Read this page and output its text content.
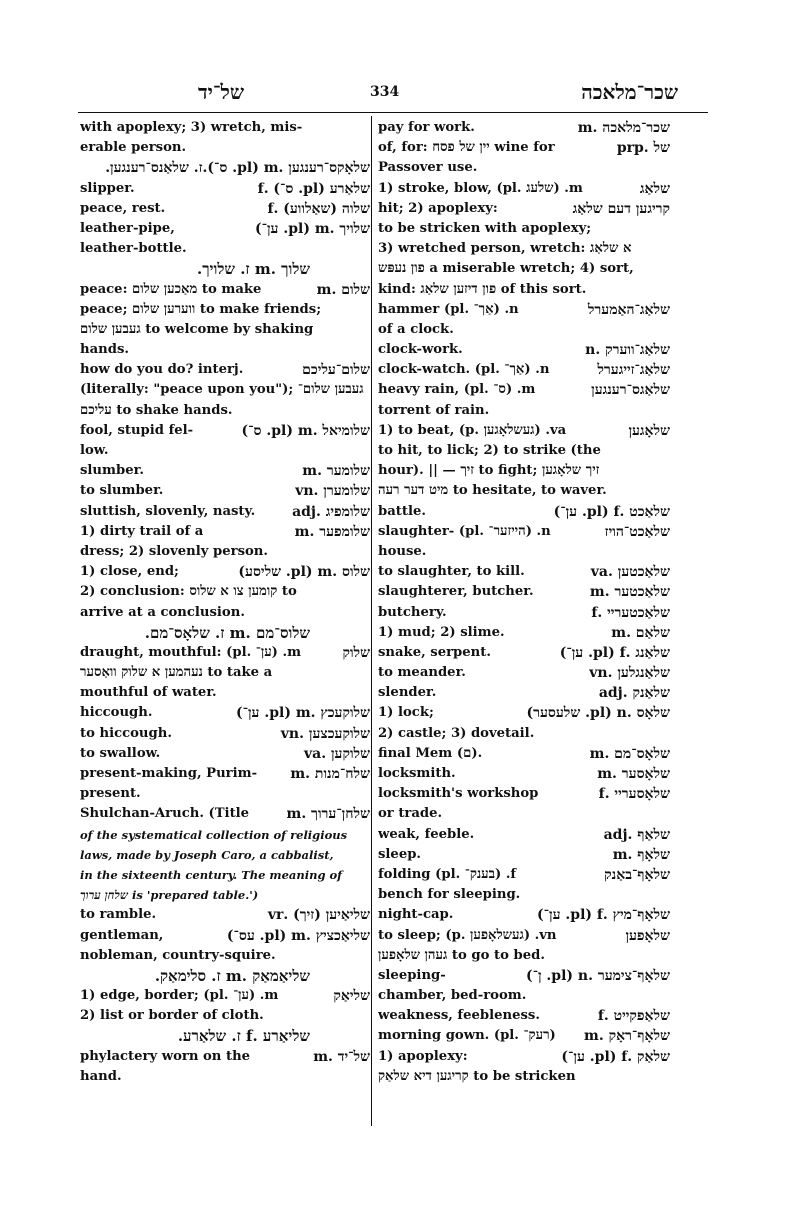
של־יד	334	שכר־מלאכה
with apoplexy; 3) wretch, mis-
erable person.
שלאָקס־רענגען .m (pl. ס־).ז. שלאַנס־רענגען.
slipper.	שלאַרע (pl. ס־) .f
peace, rest.	שלוה (שאַלווע) .f
leather-pipe,	שלויך .m (pl. ען־)
leather-bottle.
שלוך .m ז. שלויך.
peace: מאַכען שלום to make	שלום .m
peace; ווערען שלום to make friends;
געבען שלום to welcome by shaking
hands.
how do you do? interj.	שלום־עליכם
(literally: "peace upon you"); געבען שלום־
עליכם to shake hands.
fool, stupid fel-	שלומיאל .m (pl. ס־)
low.
slumber.	שלומער .m
to slumber.	שלומערן .vn
sluttish, slovenly, nasty.	שלומפיג .adj
1) dirty trail of a	שלומפער .m
dress; 2) slovenly person.
1) close, end;	שלוס .m (pl. שליסע)
2) conclusion: קומען צו א שלוס to
arrive at a conclusion.
שלוס־מם .m ז. שלאָס־מם.
draught, mouthful: (pl. ען־) .m	שלוק
נעהמען א שלוק וואַסער to take a
mouthful of water.
hiccough.	שלוקעכץ .m (pl. ען־)
to hiccough.	שלוקעכצען .vn
to swallow.	שלוקען .va
present-making, Purim- שלח־מנות .m
present.
Shulchan-Aruch. (Title	שלחן־ערוך .m
of the systematical collection of religious
laws, made by Joseph Caro, a cabbalist,
in the sixteenth century. The meaning of
שלחן ערוך is 'prepared table.')
to ramble.	שליאַיען (זיך) .vr
gentleman,	שליאַכציץ .m (pl. עס־)
nobleman, country-squire.
שליאַמאַק .m ז. סלימאַק.
1) edge, border; (pl. ען־) .m	שליאַק
2) list or border of cloth.
שליאַרע .f ז. שלאַרע.
phylactery worn on the	של־יד .m
hand.
pay for work.	שכר־מלאכה .m
of, for: יין של פסח wine for	של .prp
Passover use.
1) stroke, blow, (pl. שלעג) .m	שלאַג
hit; 2) apoplexy:	קריגען דעם שלאַג
to be stricken with apoplexy;
3) wretched person, wretch: א שלאַג
פון נעפּש a miserable wretch; 4) sort,
kind: פון דיזען שלאַג of this sort.
hammer (pl. אַך־) .n	שלאַג־האַמערל
of a clock.
clock-work.	שלאַג־ווערק .n
clock-watch. (pl. אַך־) .n	שלאַג־זייגערל
heavy rain, (pl. ס־) .m	שלאַגס־רענגען
torrent of rain.
1) to beat, (p. געשלאָגען) .va	שלאָגען
to hit, to lick; 2) to strike (the
hour). || — זיך to fight; זיך שלאָגען
מיט דער רעה to hesitate, to waver.
battle.	שלאַכט .f (pl. ען־)
slaughter- (pl. הייזער־) .n	שלאַכט־הויז
house.
to slaughter, to kill.	שלאַכטען .va
slaughterer, butcher.	שלאַכטער .m
butchery.	שלאַכטעריי .f
1) mud; 2) slime.	שלאַם .m
snake, serpent.	שלאַנג .f (pl. ען־)
to meander.	שלאַנגלען .vn
slender.	שלאַנק .adj
1) lock;	שלאָס .n (pl. שלעסער)
2) castle; 3) dovetail.
final Mem (ם).	שלאָס־מם .m
locksmith.	שלאָסער .m
locksmith's workshop	שלאָסעריי .f
or trade.
weak, feeble.	שלאַף .adj
sleep.	שלאָף .m
folding (pl. בענק־) .f	שלאָף־באַנק
bench for sleeping.
night-cap.	שלאָף־מיץ .f (pl. ען־)
to sleep; (p. געשלאָפען) .vn	שלאָפען
געהן שלאָפען to go to bed.
sleeping-	שלאָף־צימער .n (pl. ן־)
chamber, bed-room.
weakness, feebleness.	שלאַפקייט .f
morning gown. (pl. רעק־) שלאָף־ראָק .m
1) apoplexy:	שלאַק .f (pl. ען־)
קריגען דיא שלאַק to be stricken
